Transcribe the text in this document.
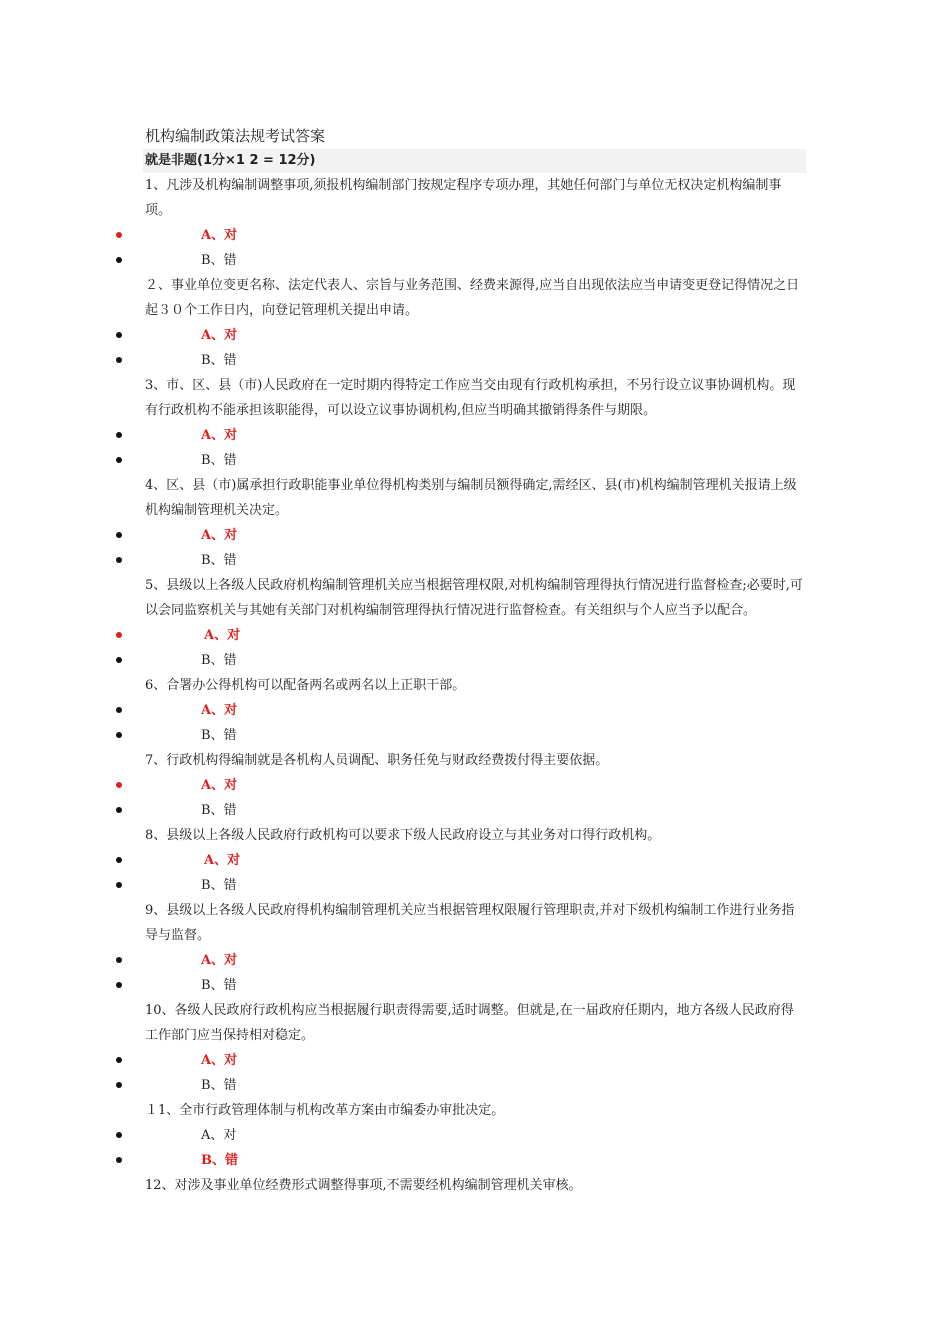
机构编制政策法规考试答案
就是非题(1分×1 2 = 12分)

1、凡涉及机构编制调整事项,须报机构编制部门按规定程序专项办理，其她任何部门与单位无权决定机构编制事项。

A、对
B、错

２、事业单位变更名称、法定代表人、宗旨与业务范围、经费来源得,应当自出现依法应当申请变更登记得情况之日起３０个工作日内，向登记管理机关提出申请。

A、对
B、错

3、市、区、县（市)人民政府在一定时期内得特定工作应当交由现有行政机构承担，不另行设立议事协调机构。现有行政机构不能承担该职能得，可以设立议事协调机构,但应当明确其撤销得条件与期限。

A、对
B、错

4、区、县（市)属承担行政职能事业单位得机构类别与编制员额得确定,需经区、县(市)机构编制管理机关报请上级机构编制管理机关决定。

A、对
B、错

5、县级以上各级人民政府机构编制管理机关应当根据管理权限,对机构编制管理得执行情况进行监督检查;必要时,可以会同监察机关与其她有关部门对机构编制管理得执行情况进行监督检查。有关组织与个人应当予以配合。

A、对
B、错

6、合署办公得机构可以配备两名或两名以上正职干部。

A、对
B、错

7、行政机构得编制就是各机构人员调配、职务任免与财政经费拨付得主要依据。

A、对
B、错

8、县级以上各级人民政府行政机构可以要求下级人民政府设立与其业务对口得行政机构。

A、对
B、错

9、县级以上各级人民政府得机构编制管理机关应当根据管理权限履行管理职责,并对下级机构编制工作进行业务指导与监督。

A、对
B、错

10、各级人民政府行政机构应当根据履行职责得需要,适时调整。但就是,在一届政府任期内，地方各级人民政府得工作部门应当保持相对稳定。

A、对
B、错

１1、全市行政管理体制与机构改革方案由市编委办审批决定。

A、对
B、错

12、对涉及事业单位经费形式调整得事项,不需要经机构编制管理机关审核。
